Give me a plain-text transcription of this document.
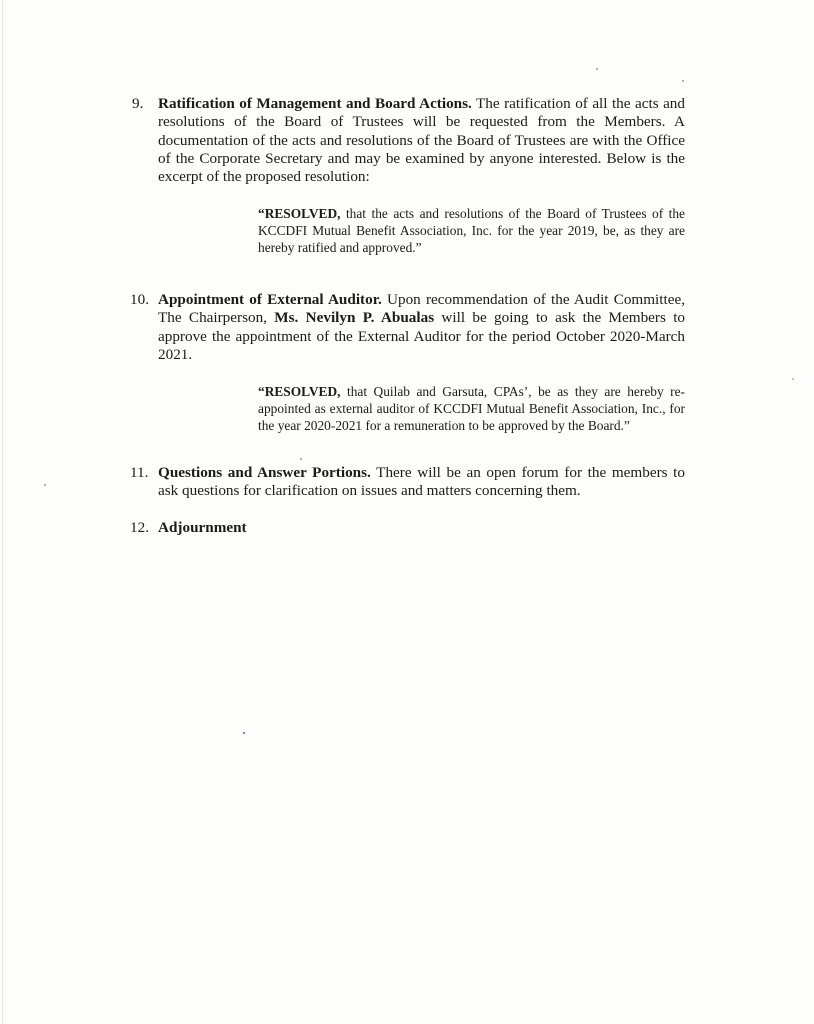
9. Ratification of Management and Board Actions. The ratification of all the acts and resolutions of the Board of Trustees will be requested from the Members. A documentation of the acts and resolutions of the Board of Trustees are with the Office of the Corporate Secretary and may be examined by anyone interested. Below is the excerpt of the proposed resolution:

“RESOLVED, that the acts and resolutions of the Board of Trustees of the KCCDFI Mutual Benefit Association, Inc. for the year 2019, be, as they are hereby ratified and approved.”
10. Appointment of External Auditor. Upon recommendation of the Audit Committee, The Chairperson, Ms. Nevilyn P. Abualas will be going to ask the Members to approve the appointment of the External Auditor for the period October 2020-March 2021.

“RESOLVED, that Quilab and Garsuta, CPAs’, be as they are hereby re-appointed as external auditor of KCCDFI Mutual Benefit Association, Inc., for the year 2020-2021 for a remuneration to be approved by the Board.”
11. Questions and Answer Portions. There will be an open forum for the members to ask questions for clarification on issues and matters concerning them.

12. Adjournment
